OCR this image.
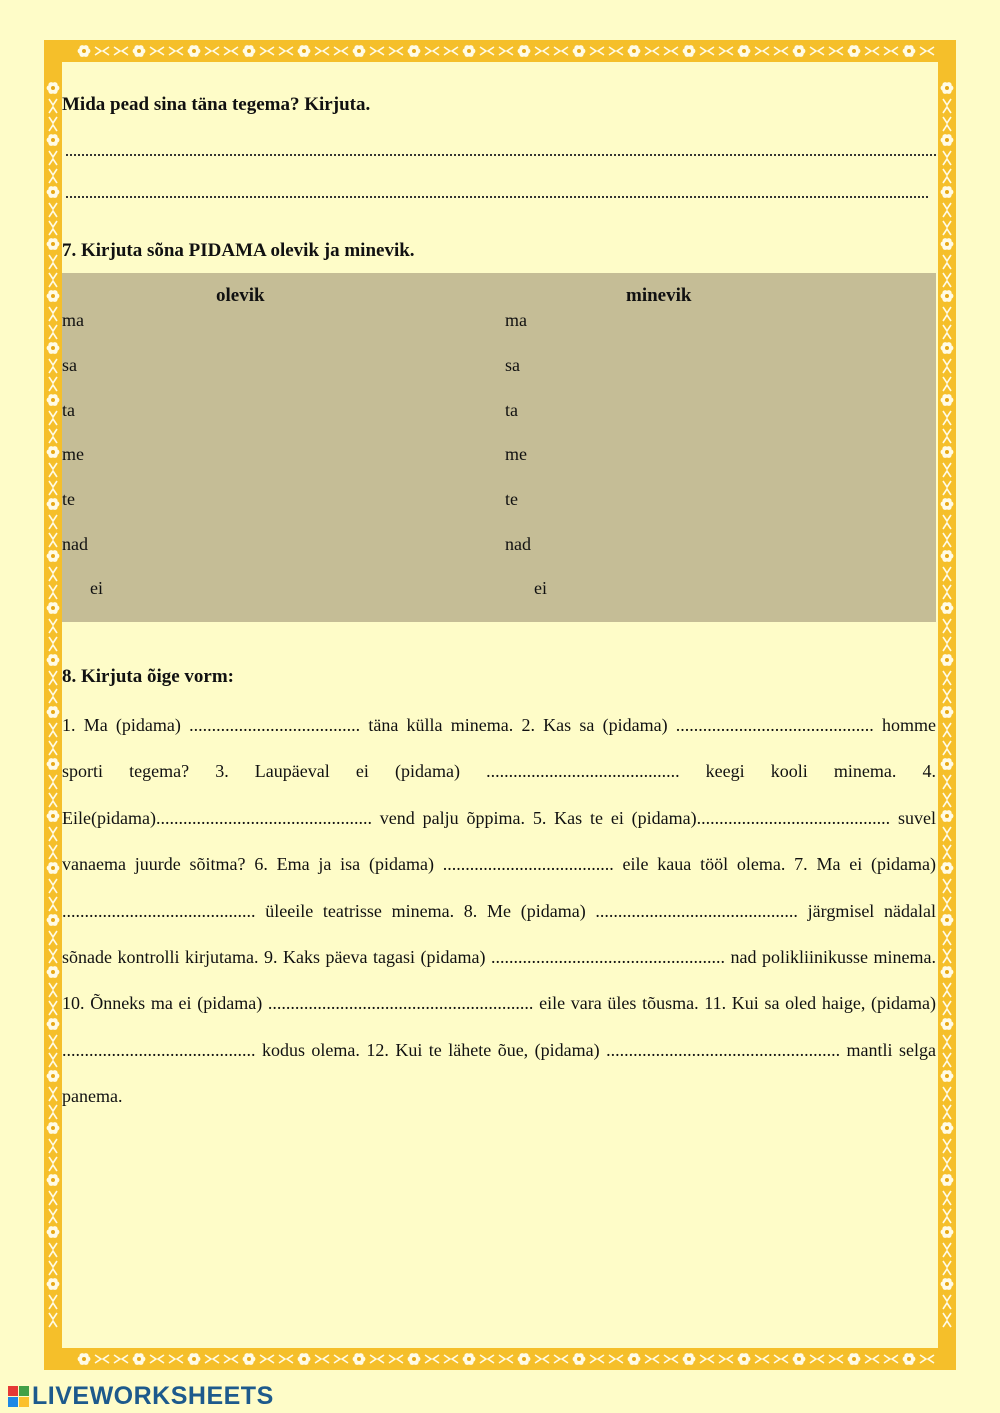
Mida pead sina täna tegema? Kirjuta.
7. Kirjuta sõna PIDAMA olevik ja minevik.
olevik	minevik
ma
sa
ta
me
te
nad
ei
ma
sa
ta
me
te
nad
ei
8. Kirjuta õige vorm:
1. Ma (pidama) ...................................... täna külla minema. 2. Kas sa (pidama) ............................................ homme sporti tegema? 3. Laupäeval ei (pidama) ........................................... keegi kooli minema. 4. Eile(pidama)................................................ vend palju õppima. 5. Kas te ei (pidama)........................................... suvel vanaema juurde sõitma? 6. Ema ja isa (pidama) ...................................... eile kaua tööl olema. 7. Ma ei (pidama) ........................................... üleeile teatrisse minema. 8. Me (pidama) ............................................. järgmisel nädalal sõnade kontrolli kirjutama. 9. Kaks päeva tagasi (pidama) .................................................... nad polikliinikusse minema. 10. Õnneks ma ei (pidama) ........................................................... eile vara üles tõusma. 11. Kui sa oled haige, (pidama) ........................................... kodus olema. 12. Kui te lähete õue, (pidama) .................................................... mantli selga panema.
LIVEWORKSHEETS
